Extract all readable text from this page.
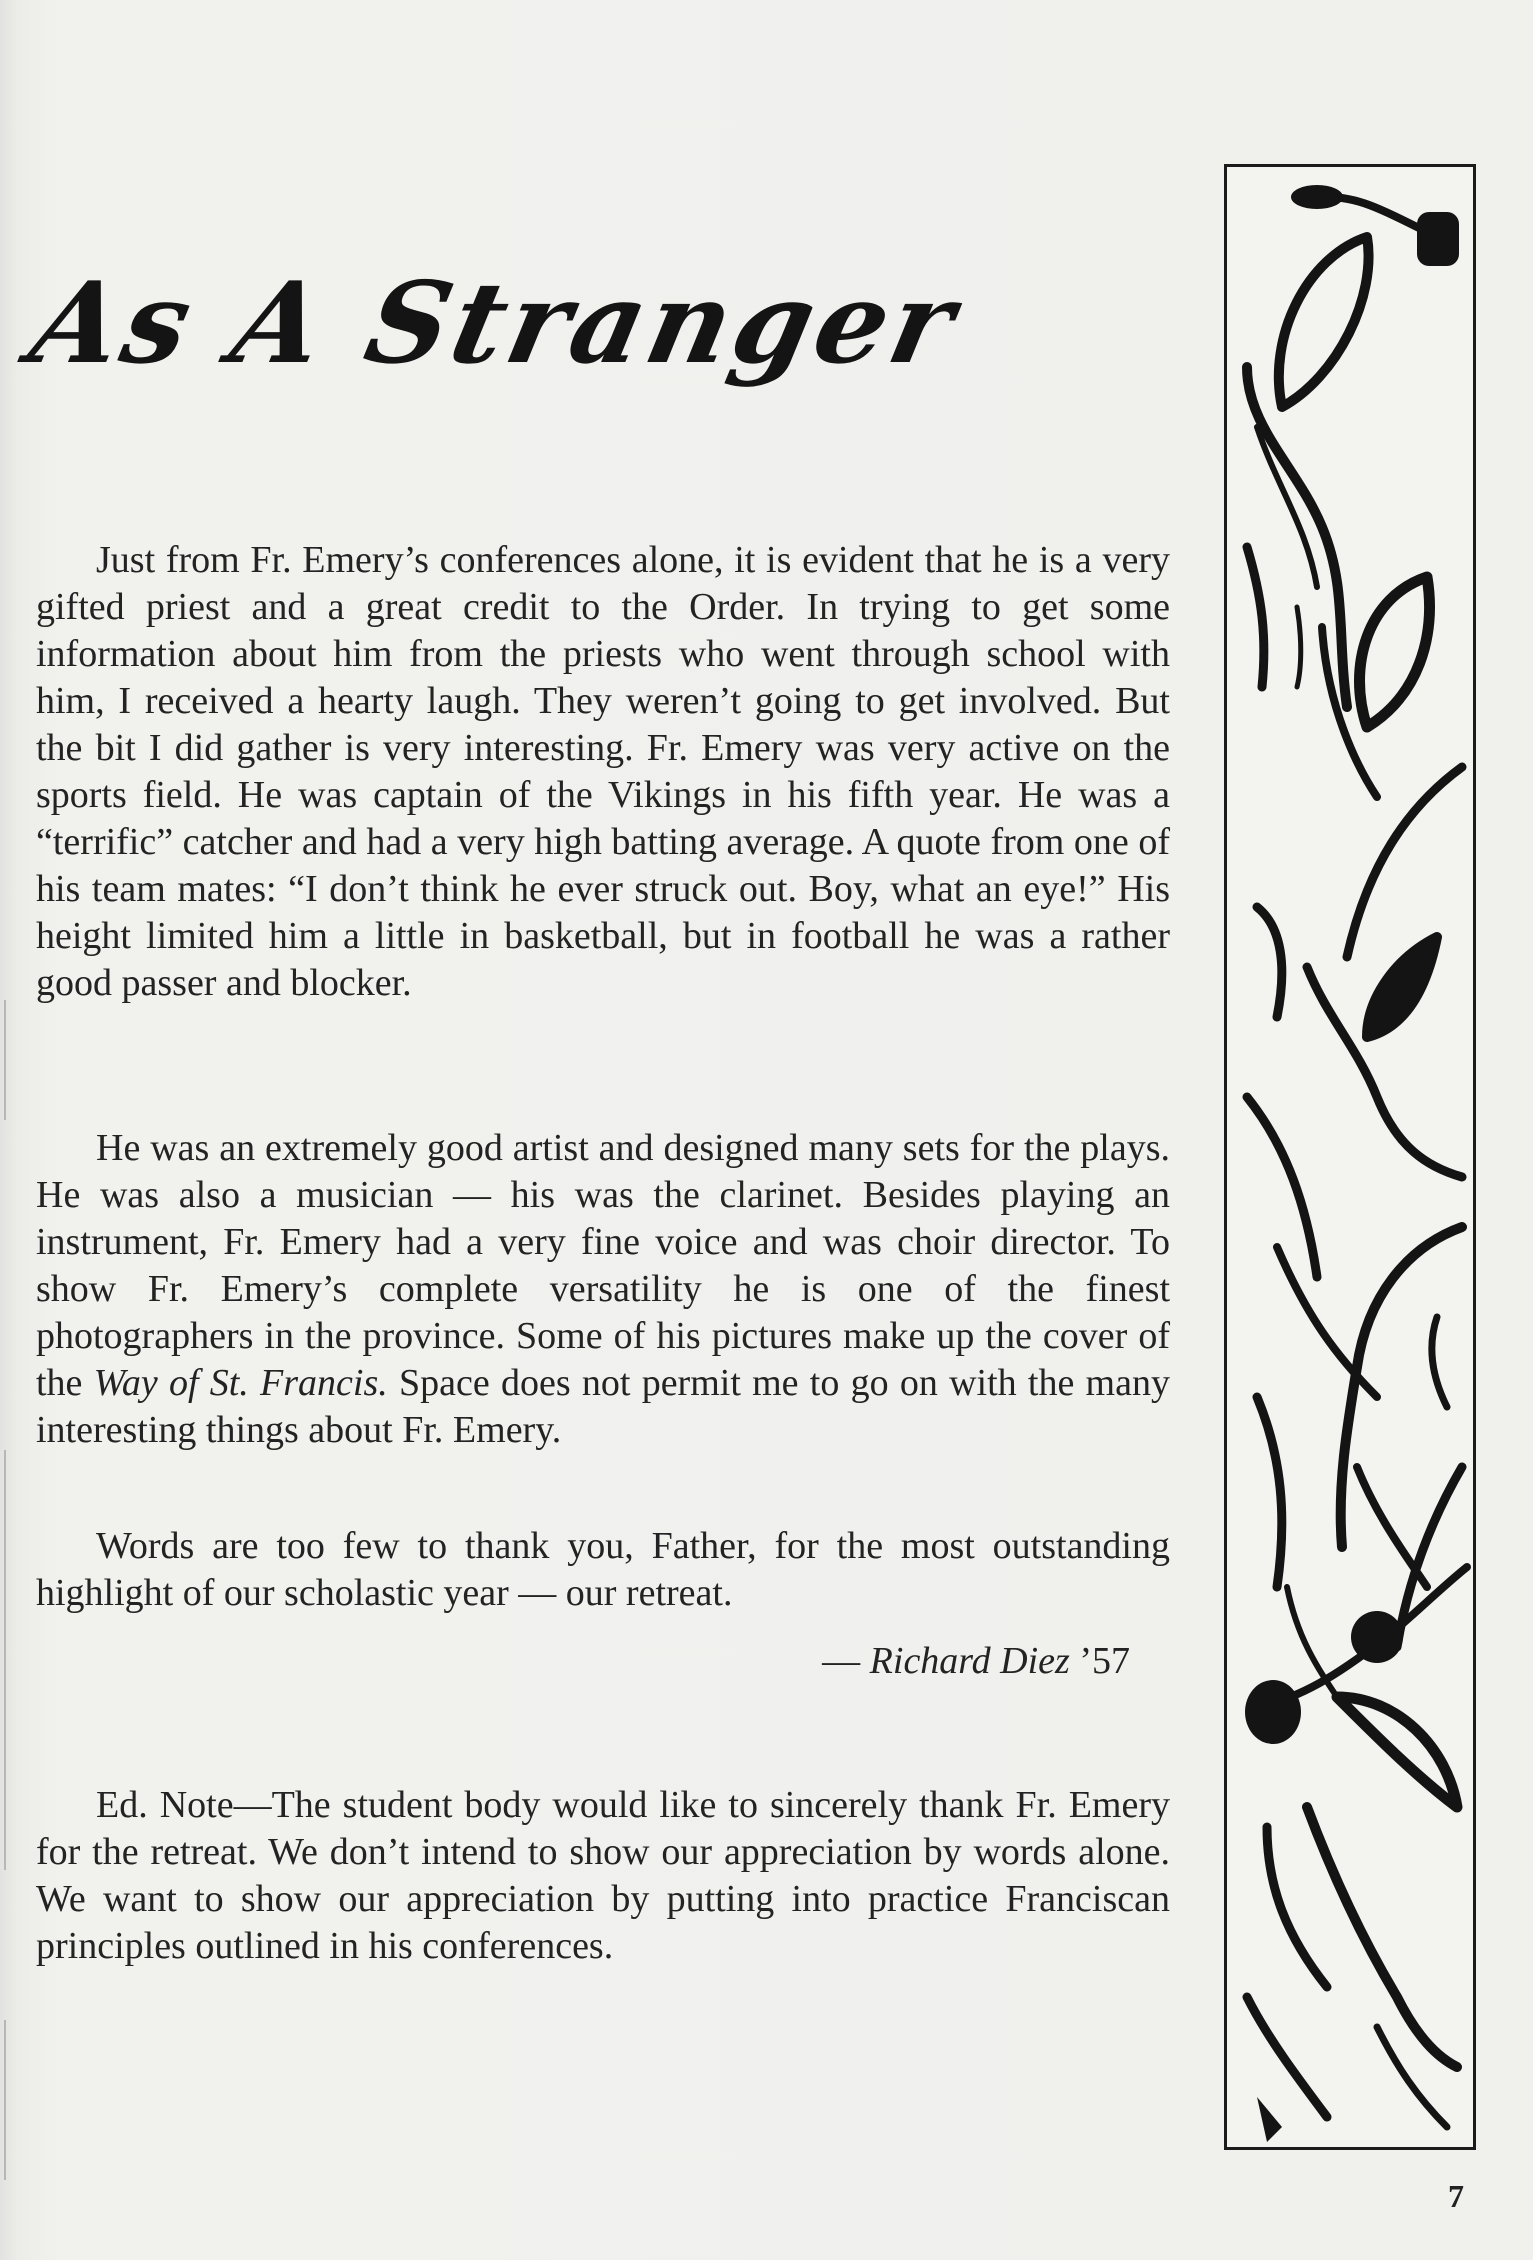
As A Stranger

Just from Fr. Emery’s conferences alone, it is evident that he is a very gifted priest and a great credit to the Order. In trying to get some information about him from the priests who went through school with him, I received a hearty laugh. They weren’t going to get involved. But the bit I did gather is very interesting. Fr. Emery was very active on the sports field. He was captain of the Vikings in his fifth year. He was a “terrific” catcher and had a very high batting average. A quote from one of his team mates: “I don’t think he ever struck out. Boy, what an eye!” His height limited him a little in basketball, but in football he was a rather good passer and blocker.

He was an extremely good artist and designed many sets for the plays. He was also a musician — his was the clarinet. Besides playing an instrument, Fr. Emery had a very fine voice and was choir director. To show Fr. Emery’s complete versatility he is one of the finest photographers in the province. Some of his pictures make up the cover of the Way of St. Francis. Space does not permit me to go on with the many interesting things about Fr. Emery.

Words are too few to thank you, Father, for the most outstanding highlight of our scholastic year — our retreat.

— Richard Diez ’57

Ed. Note—The student body would like to sincerely thank Fr. Emery for the retreat. We don’t intend to show our appreciation by words alone. We want to show our appreciation by putting into practice Franciscan principles outlined in his conferences.

7
